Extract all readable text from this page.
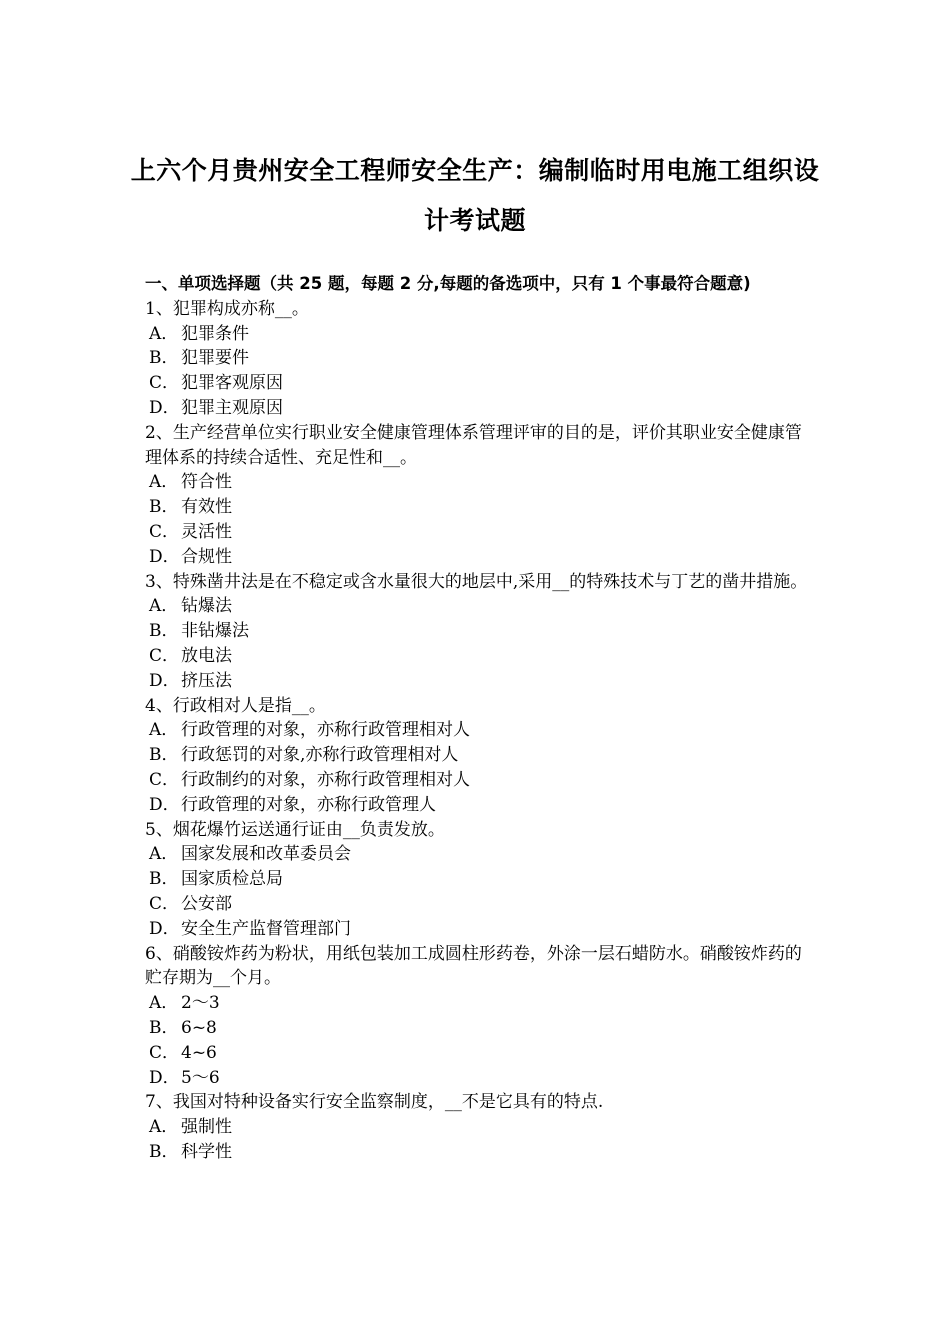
上六个月贵州安全工程师安全生产：编制临时用电施工组织设计考试题

一、单项选择题（共 25 题，每题 2 分,每题的备选项中，只有 1 个事最符合题意)

1、犯罪构成亦称__。

A． 犯罪条件
B． 犯罪要件
C． 犯罪客观原因
D．犯罪主观原因

2、生产经营单位实行职业安全健康管理体系管理评审的目的是，评价其职业安全健康管理体系的持续合适性、充足性和__。

A． 符合性
B． 有效性
C． 灵活性
D．合规性

3、特殊凿井法是在不稳定或含水量很大的地层中,采用__的特殊技术与丁艺的凿井措施。

A． 钻爆法
B． 非钻爆法
C． 放电法
D．挤压法

4、行政相对人是指__。

A． 行政管理的对象，亦称行政管理相对人
B． 行政惩罚的对象,亦称行政管理相对人
C． 行政制约的对象，亦称行政管理相对人
D．行政管理的对象，亦称行政管理人

5、烟花爆竹运送通行证由__负责发放。

A． 国家发展和改革委员会
B． 国家质检总局
C． 公安部
D．安全生产监督管理部门

6、硝酸铵炸药为粉状，用纸包装加工成圆柱形药卷，外涂一层石蜡防水。硝酸铵炸药的贮存期为__个月。

A． 2～3
B． 6~8
C． 4~6
D．5～6

7、我国对特种设备实行安全监察制度，__不是它具有的特点.

A． 强制性
B． 科学性
